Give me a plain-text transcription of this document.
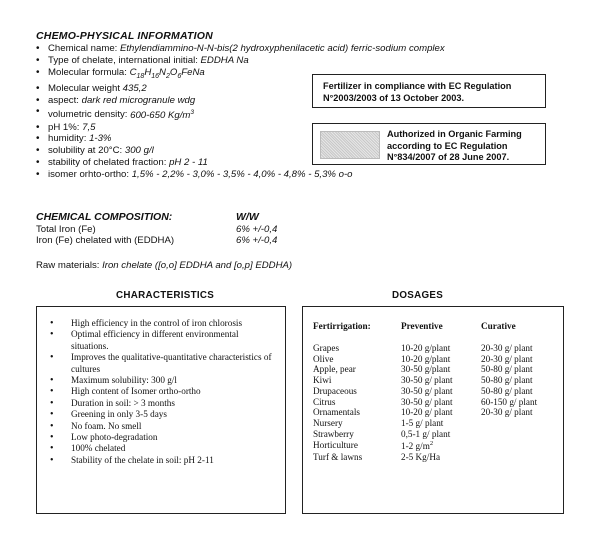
CHEMO-PHYSICAL INFORMATION
• Chemical name: Ethylendiammino-N-N-bis(2 hydroxyphenilacetic acid) ferric-sodium complex
• Type of chelate, international initial: EDDHA Na
• Molecular formula: $C_{18}H_{16}N_2O_6FeNa$
• Molecular weight 435,2
• aspect: dark red microgranule wdg
• volumetric density: 600-650 $Kg/m^3$
• pH 1%: 7,5
• humidity: 1-3%
• solubility at 20°C: 300 g/l
• stability of chelated fraction: pH 2 - 11
• isomer orhto-ortho: 1,5% - 2,2% - 3,0% - 3,5% - 4,0% - 4,8% - 5,3% o-o
Fertilizer in compliance with EC Regulation
N°2003/2003 of 13 October 2003.
Authorized in Organic Farming
according to EC Regulation
N°834/2007 of 28 June 2007.
CHEMICAL COMPOSITION:	W/W
Total Iron (Fe)	6% +/-0,4
Iron (Fe) chelated with (EDDHA)	6% +/-0,4
Raw materials: Iron chelate ([o,o] EDDHA and [o,p] EDDHA)
CHARACTERISTICS	DOSAGES
• High efficiency in the control of iron chlorosis
• Optimal efficiency in different environmental situations.
• Improves the qualitative-quantitative characteristics of cultures
• Maximum solubility: 300 g/l
• High content of Isomer ortho-ortho
• Duration in soil: > 3 months
• Greening in only 3-5 days
• No foam. No smell
• Low photo-degradation
• 100% chelated
• Stability of the chelate in soil: pH 2-11
Fertirrigation:	Preventive	Curative
Grapes	10-20 g/plant	20-30 g/ plant
Olive	10-20 g/plant	20-30 g/ plant
Apple, pear	30-50 g/plant	50-80 g/ plant
Kiwi	30-50 g/ plant	50-80 g/ plant
Drupaceous	30-50 g/ plant	50-80 g/ plant
Citrus	30-50 g/ plant	60-150 g/ plant
Ornamentals	10-20 g/ plant	20-30 g/ plant
Nursery	1-5 g/ plant	
Strawberry	0,5-1 g/ plant	
Horticulture	1-2 $g/m^2$	
Turf & lawns	2-5 Kg/Ha	
